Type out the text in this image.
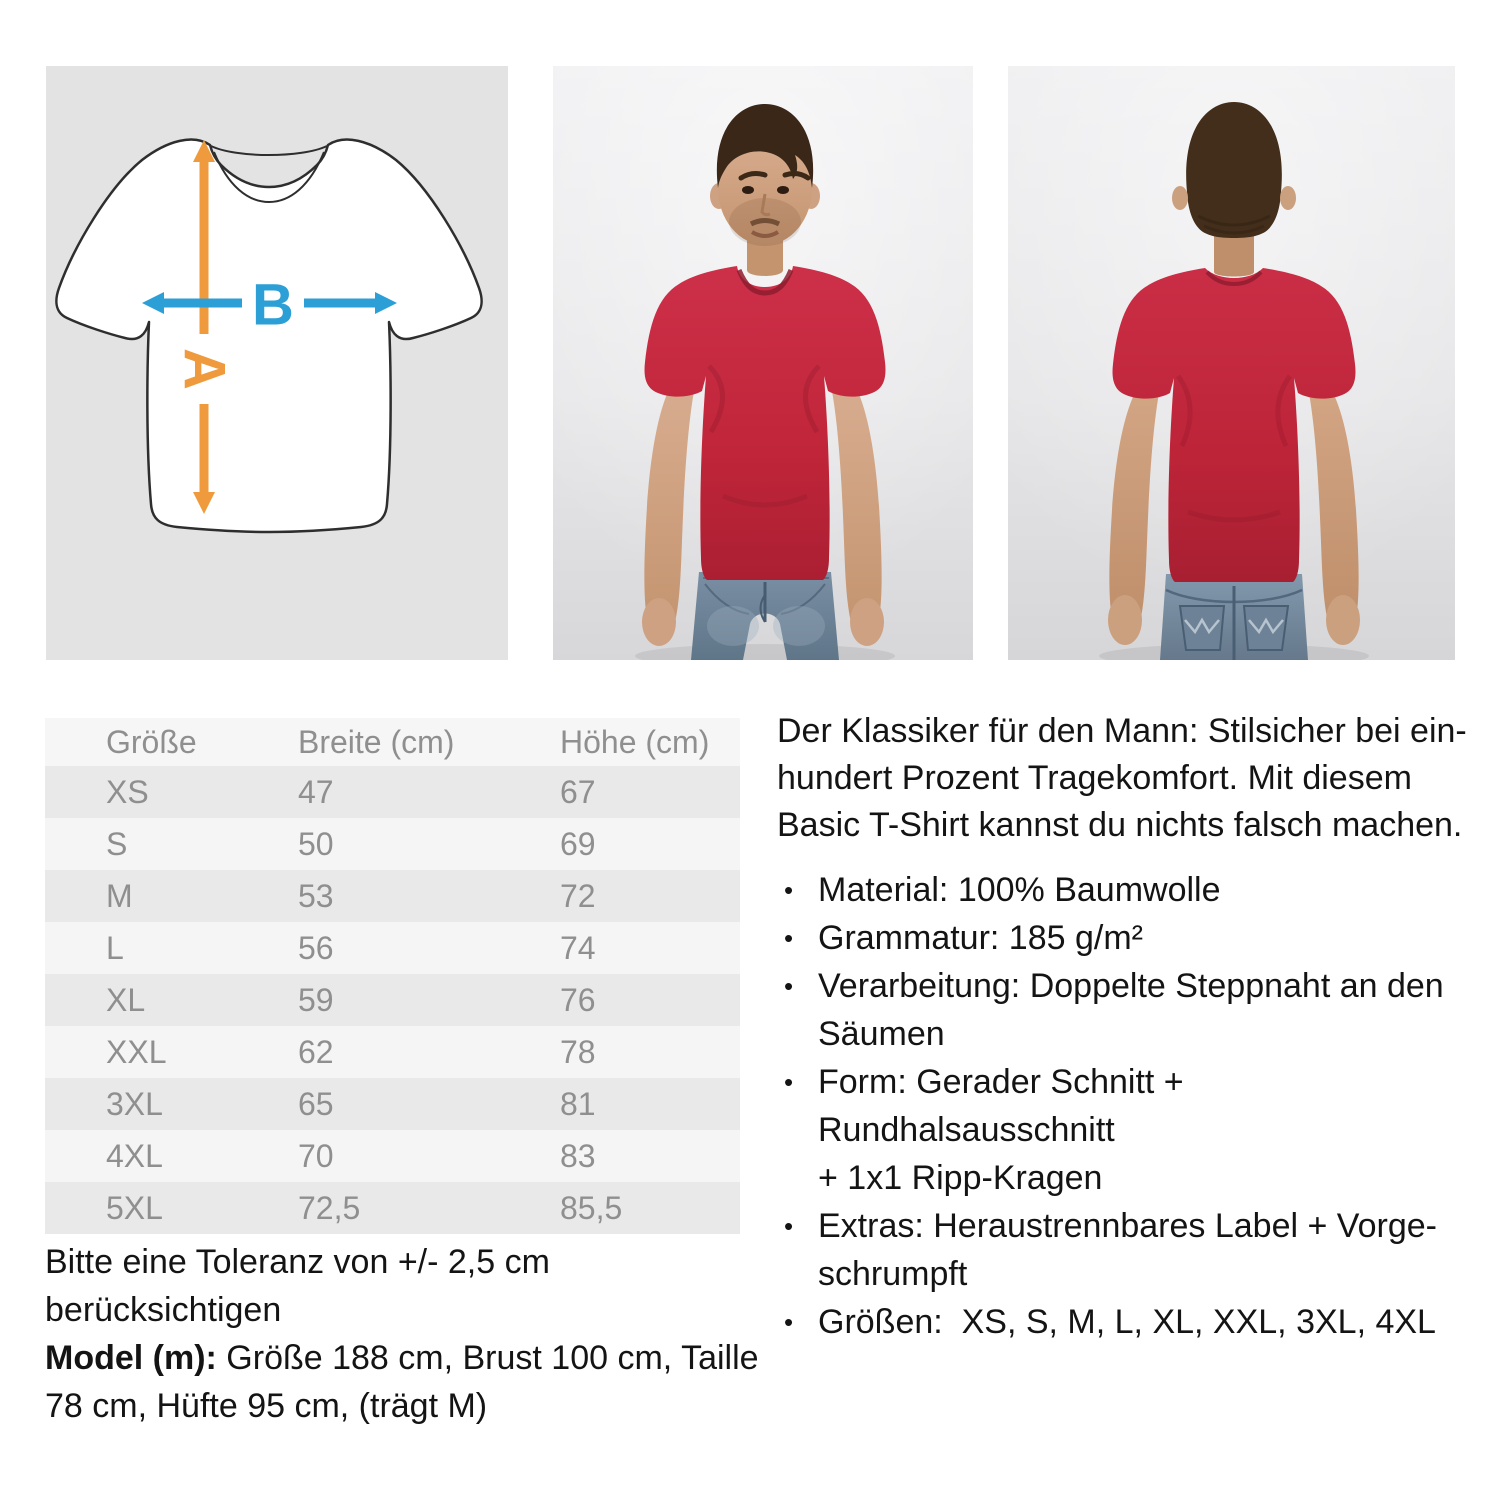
A
B
Größe	Breite (cm)	Höhe (cm)
XS	47	67
S	50	69
M	53	72
L	56	74
XL	59	76
XXL	62	78
3XL	65	81
4XL	70	83
5XL	72,5	85,5
Bitte eine Toleranz von +/- 2,5 cm berücksichtigen
Model (m): Größe 188 cm, Brust 100 cm, Taille
78 cm, Hüfte 95 cm, (trägt M)
Der Klassiker für den Mann: Stilsicher bei ein-
hundert Prozent Tragekomfort. Mit diesem
Basic T-Shirt kannst du nichts falsch machen.
• Material: 100% Baumwolle
• Grammatur: 185 g/m²
• Verarbeitung: Doppelte Steppnaht an den
Säumen
• Form: Gerader Schnitt + Rundhalsausschnitt
+ 1x1 Ripp-Kragen
• Extras: Heraustrennbares Label + Vorge-
schrumpft
• Größen:  XS, S, M, L, XL, XXL, 3XL, 4XL
